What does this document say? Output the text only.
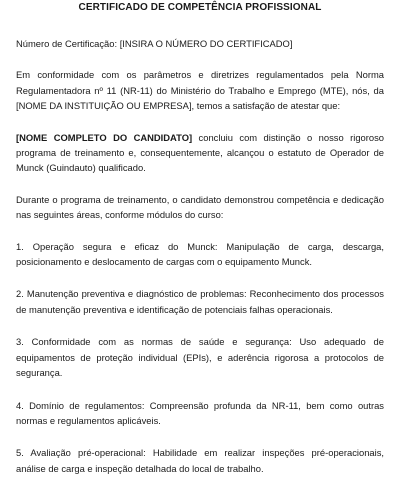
CERTIFICADO DE COMPETÊNCIA PROFISSIONAL

Número de Certificação: [INSIRA O NÚMERO DO CERTIFICADO]

Em conformidade com os parâmetros e diretrizes regulamentados pela Norma Regulamentadora nº 11 (NR-11) do Ministério do Trabalho e Emprego (MTE), nós, da [NOME DA INSTITUIÇÃO OU EMPRESA], temos a satisfação de atestar que:

[NOME COMPLETO DO CANDIDATO] concluiu com distinção o nosso rigoroso programa de treinamento e, consequentemente, alcançou o estatuto de Operador de Munck (Guindauto) qualificado.

Durante o programa de treinamento, o candidato demonstrou competência e dedicação nas seguintes áreas, conforme módulos do curso:

1. Operação segura e eficaz do Munck: Manipulação de carga, descarga, posicionamento e deslocamento de cargas com o equipamento Munck.

2. Manutenção preventiva e diagnóstico de problemas: Reconhecimento dos processos de manutenção preventiva e identificação de potenciais falhas operacionais.

3. Conformidade com as normas de saúde e segurança: Uso adequado de equipamentos de proteção individual (EPIs), e aderência rigorosa a protocolos de segurança.

4. Domínio de regulamentos: Compreensão profunda da NR-11, bem como outras normas e regulamentos aplicáveis.

5. Avaliação pré-operacional: Habilidade em realizar inspeções pré-operacionais, análise de carga e inspeção detalhada do local de trabalho.
